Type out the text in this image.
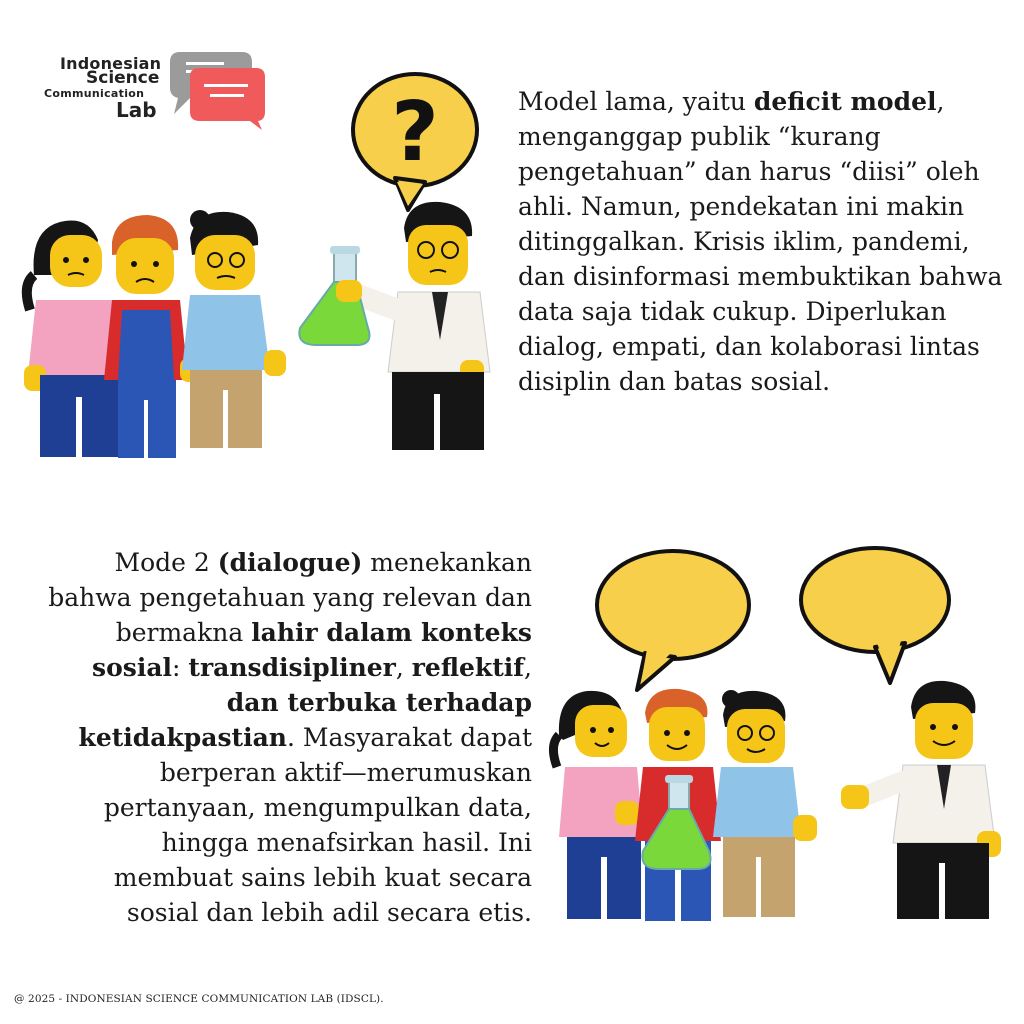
Indonesian
Science
Communication
Lab	?	Model lama, yaitu deficit model, menganggap publik “kurang pengetahuan” dan harus “diisi” oleh ahli. Namun, pendekatan ini makin ditinggalkan. Krisis iklim, pandemi, dan disinformasi membuktikan bahwa data saja tidak cukup. Diperlukan dialog, empati, dan kolaborasi lintas disiplin dan batas sosial.
Mode 2 (dialogue) menekankan bahwa pengetahuan yang relevan dan bermakna lahir dalam konteks sosial: transdisipliner, reflektif, dan terbuka terhadap ketidakpastian. Masyarakat dapat berperan aktif—merumuskan pertanyaan, mengumpulkan data, hingga menafsirkan hasil. Ini membuat sains lebih kuat secara sosial dan lebih adil secara etis.
@ 2025 - INDONESIAN SCIENCE COMMUNICATION LAB (IDSCL).
